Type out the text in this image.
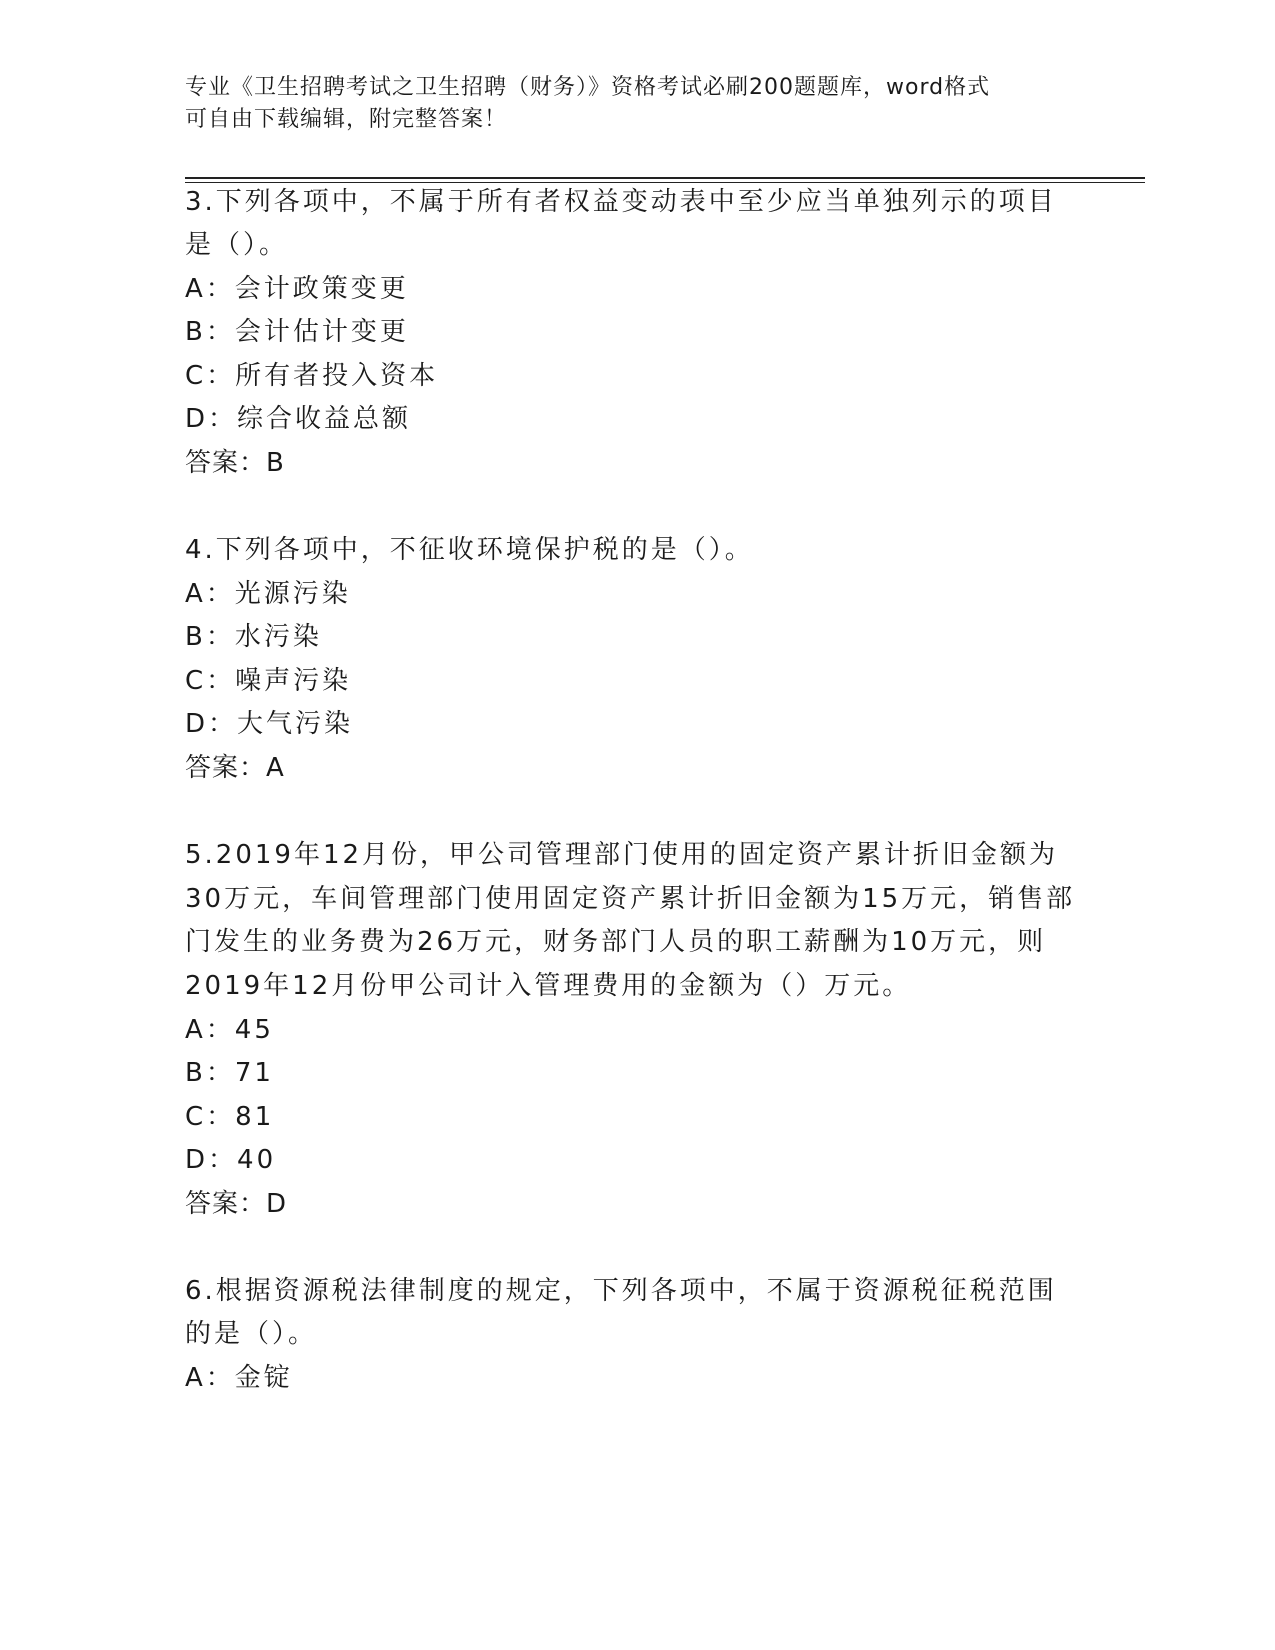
专业《卫生招聘考试之卫生招聘（财务）》资格考试必刷200题题库，word格式
可自由下载编辑，附完整答案！
3.下列各项中，不属于所有者权益变动表中至少应当单独列示的项目
是（）。
A：会计政策变更
B：会计估计变更
C：所有者投入资本
D：综合收益总额
答案：B
4.下列各项中，不征收环境保护税的是（）。
A：光源污染
B：水污染
C：噪声污染
D：大气污染
答案：A
5.2019年12月份，甲公司管理部门使用的固定资产累计折旧金额为
30万元，车间管理部门使用固定资产累计折旧金额为15万元，销售部
门发生的业务费为26万元，财务部门人员的职工薪酬为10万元，则
2019年12月份甲公司计入管理费用的金额为（）万元。
A：45
B：71
C：81
D：40
答案：D
6.根据资源税法律制度的规定，下列各项中，不属于资源税征税范围
的是（）。
A：金锭
